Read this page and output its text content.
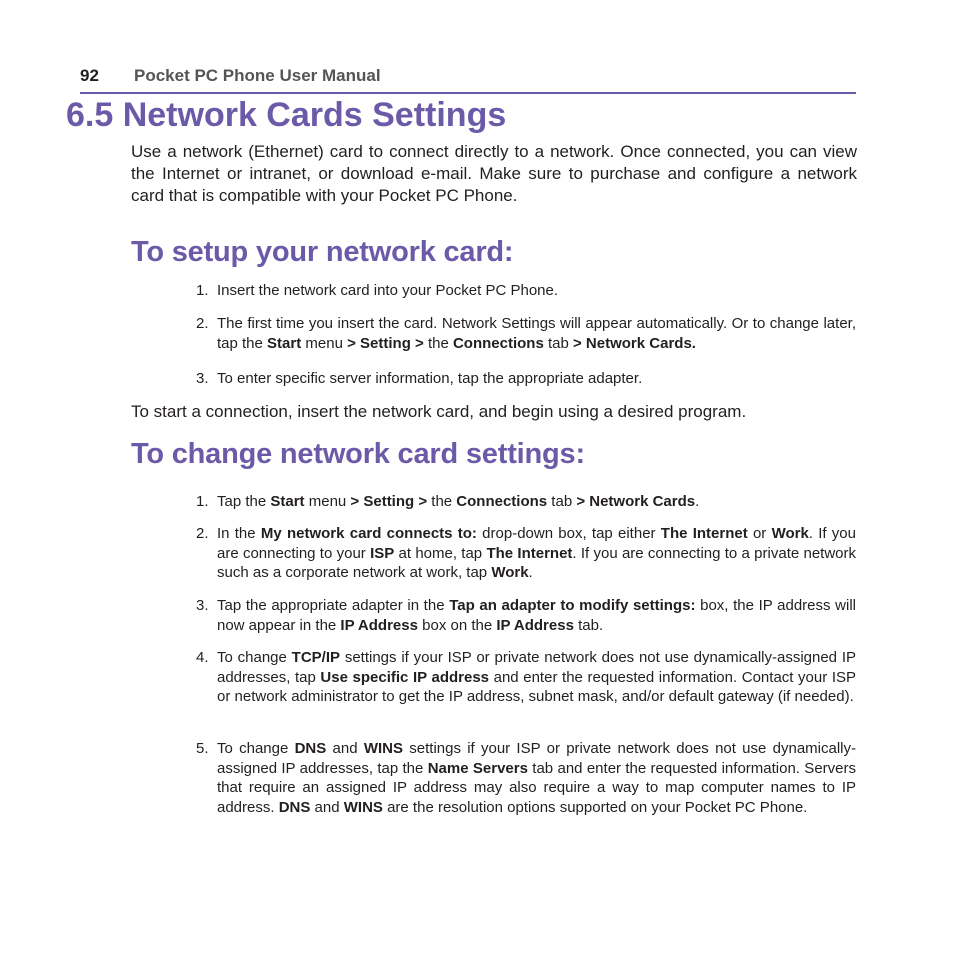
92 Pocket PC Phone User Manual
6.5 Network Cards Settings
Use a network (Ethernet) card to connect directly to a network. Once connected, you can view the Internet or intranet, or download e-mail. Make sure to purchase and configure a network card that is compatible with your Pocket PC Phone.
To setup your network card:
1. Insert the network card into your Pocket PC Phone.
2. The first time you insert the card. Network Settings will appear automatically. Or to change later, tap the Start menu > Setting > the Connections tab > Network Cards.
3. To enter specific server information, tap the appropriate adapter.
To start a connection, insert the network card, and begin using a desired program.
To change network card settings:
1. Tap the Start menu > Setting > the Connections tab > Network Cards.
2. In the My network card connects to: drop-down box, tap either The Internet or Work. If you are connecting to your ISP at home, tap The Internet. If you are connecting to a private network such as a corporate network at work, tap Work.
3. Tap the appropriate adapter in the Tap an adapter to modify settings: box, the IP address will now appear in the IP Address box on the IP Address tab.
4. To change TCP/IP settings if your ISP or private network does not use dynamically-assigned IP addresses, tap Use specific IP address and enter the requested information. Contact your ISP or network administrator to get the IP address, subnet mask, and/or default gateway (if needed).
5. To change DNS and WINS settings if your ISP or private network does not use dynamically-assigned IP addresses, tap the Name Servers tab and enter the requested information. Servers that require an assigned IP address may also require a way to map computer names to IP address. DNS and WINS are the resolution options supported on your Pocket PC Phone.
